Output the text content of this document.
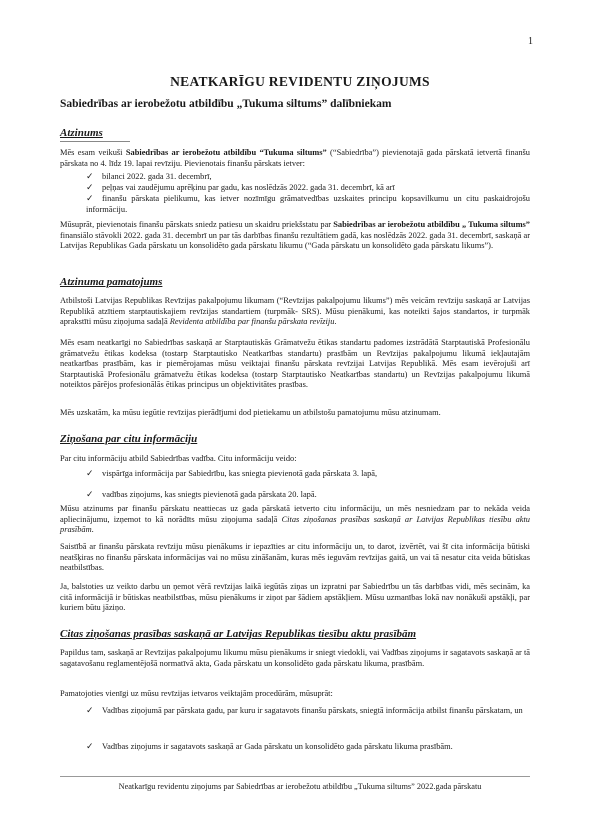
1
NEATKARĪGU REVIDENTU ZIŅOJUMS
Sabiedrības ar ierobežotu atbildību „Tukuma siltums” dalībniekam
Atzinums
Mēs esam veikuši Sabiedrības ar ierobežotu atbildību “Tukuma siltums” (“Sabiedrība”) pievienotajā gada pārskatā ietvertā finanšu pārskata no 4. līdz 19. lapai revīziju. Pievienotais finanšu pārskats ietver:
✓ bilanci 2022. gada 31. decembrī,
✓ peļņas vai zaudējumu aprēķinu par gadu, kas noslēdzās 2022. gada 31. decembrī, kā arī
✓ finanšu pārskata pielikumu, kas ietver nozīmīgu grāmatvedības uzskaites principu kopsavilkumu un citu paskaidrojošu informāciju.
Mūsuprāt, pievienotais finanšu pārskats sniedz patiesu un skaidru priekšstatu par Sabiedrības ar ierobežotu atbildību „ Tukuma siltums” finansiālo stāvokli 2022. gada 31. decembrī un par tās darbības finanšu rezultātiem gadā, kas noslēdzās 2022. gada 31. decembrī, saskaņā ar Latvijas Republikas Gada pārskatu un konsolidēto gada pārskatu likumu (“Gada pārskatu un konsolidēto gada pārskatu likums”).
Atzinuma pamatojums
Atbilstoši Latvijas Republikas Revīzijas pakalpojumu likumam (“Revīzijas pakalpojumu likums”) mēs veicām revīziju saskaņā ar Latvijas Republikā atzītiem starptautiskajiem revīzijas standartiem (turpmāk- SRS). Mūsu pienākumi, kas noteikti šajos standartos, ir turpmāk aprakstīti mūsu ziņojuma sadaļā Revidenta atbildība par finanšu pārskata revīziju.
Mēs esam neatkarīgi no Sabiedrības saskaņā ar Starptautiskās Grāmatvežu ētikas standartu padomes izstrādātā Starptautiskā Profesionālu grāmatvežu ētikas kodeksa (tostarp Starptautisko Neatkarības standartu) prasībām un Revīzijas pakalpojumu likumā iekļautajām neatkarības prasībām, kas ir piemērojamas mūsu veiktajai finanšu pārskata revīzijai Latvijas Republikā. Mēs esam ievērojuši arī Starptautiskā Profesionālu grāmatvežu ētikas kodeksa (tostarp Starptautisko Neatkarības standartu) un Revīzijas pakalpojumu likumā noteiktos pārējos profesionālās ētikas principus un objektivitātes prasības.
Mēs uzskatām, ka mūsu iegūtie revīzijas pierādījumi dod pietiekamu un atbilstošu pamatojumu mūsu atzinumam.
Ziņošana par citu informāciju
Par citu informāciju atbild Sabiedrības vadība. Citu informāciju veido:
✓ vispārīga informācija par Sabiedrību, kas sniegta pievienotā gada pārskata 3. lapā,
✓ vadības ziņojums, kas sniegts pievienotā gada pārskata 20. lapā.
Mūsu atzinums par finanšu pārskatu neattiecas uz gada pārskatā ietverto citu informāciju, un mēs nesniedzam par to nekāda veida apliecinājumu, izņemot to kā norādīts mūsu ziņojuma sadaļā Citas ziņošanas prasības saskaņā ar Latvijas Republikas tiesību aktu prasībām.
Saistībā ar finanšu pārskata revīziju mūsu pienākums ir iepazīties ar citu informāciju un, to darot, izvērtēt, vai šī cita informācija būtiski neatšķiras no finanšu pārskata informācijas vai no mūsu zināšanām, kuras mēs ieguvām revīzijas gaitā, un vai tā nesatur cita veida būtiskas neatbilstības.
Ja, balstoties uz veikto darbu un ņemot vērā revīzijas laikā iegūtās ziņas un izpratni par Sabiedrību un tās darbības vidi, mēs secinām, ka citā informācijā ir būtiskas neatbilstības, mūsu pienākums ir ziņot par šādiem apstākļiem. Mūsu uzmanības lokā nav nonākuši apstākļi, par kuriem būtu jāziņo.
Citas ziņošanas prasības saskaņā ar Latvijas Republikas tiesību aktu prasībām
Papildus tam, saskaņā ar Revīzijas pakalpojumu likumu mūsu pienākums ir sniegt viedokli, vai Vadības ziņojums ir sagatavots saskaņā ar tā sagatavošanu reglamentējošā normatīvā akta, Gada pārskatu un konsolidēto gada pārskatu likuma, prasībām.
Pamatojoties vienīgi uz mūsu revīzijas ietvaros veiktajām procedūrām, mūsuprāt:
✓ Vadības ziņojumā par pārskata gadu, par kuru ir sagatavots finanšu pārskats, sniegtā informācija atbilst finanšu pārskatam, un
✓ Vadības ziņojums ir sagatavots saskaņā ar Gada pārskatu un konsolidēto gada pārskatu likuma prasībām.
Neatkarīgu revidentu ziņojums par Sabiedrības ar ierobežotu atbildību „Tukuma siltums” 2022.gada pārskatu
